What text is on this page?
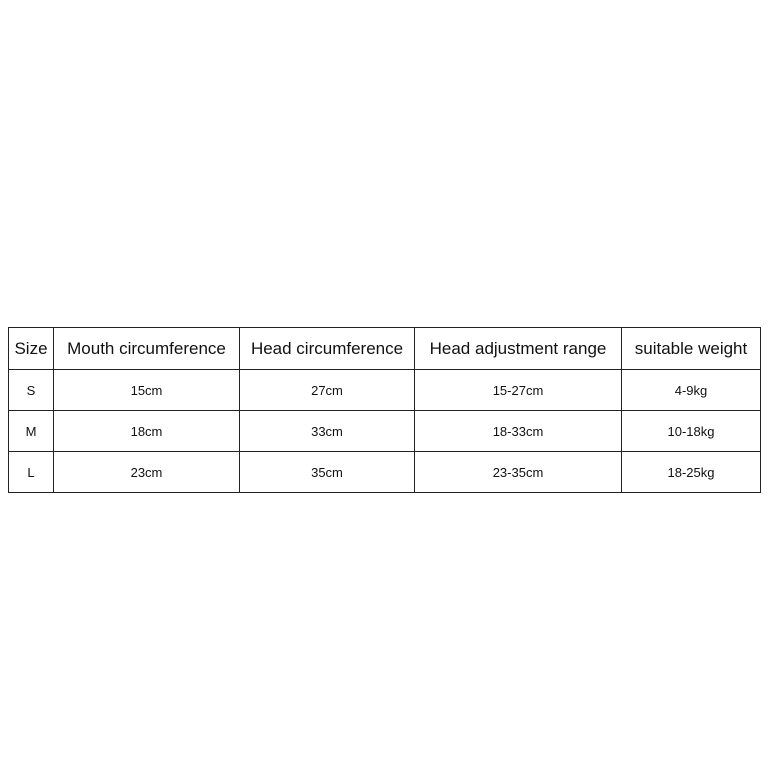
Size	Mouth circumference	Head circumference	Head adjustment range	suitable weight
S	15cm	27cm	15-27cm	4-9kg
M	18cm	33cm	18-33cm	10-18kg
L	23cm	35cm	23-35cm	18-25kg
